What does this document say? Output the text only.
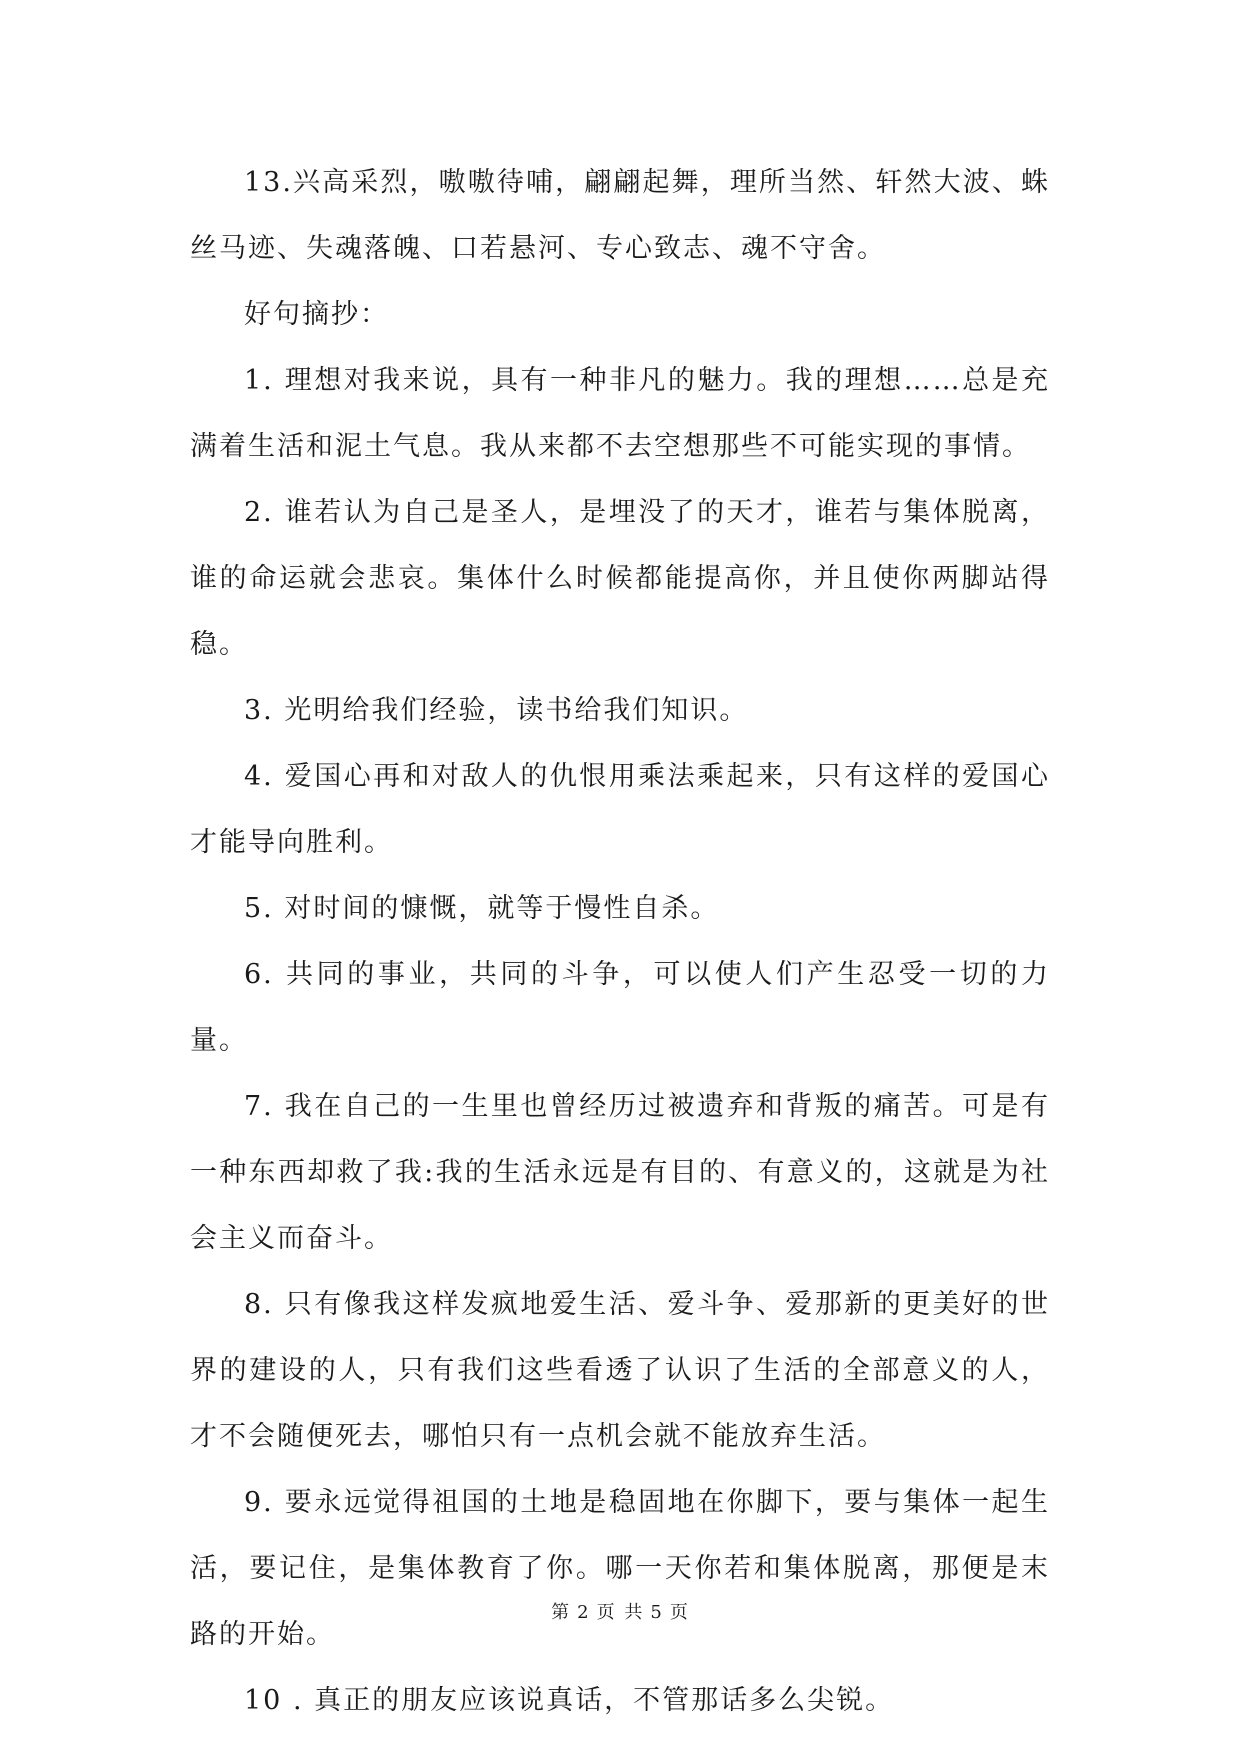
13.兴高采烈，嗷嗷待哺，翩翩起舞，理所当然、轩然大波、蛛丝马迹、失魂落魄、口若悬河、专心致志、魂不守舍。

好句摘抄：

1. 理想对我来说，具有一种非凡的魅力。我的理想……总是充满着生活和泥土气息。我从来都不去空想那些不可能实现的事情。

2. 谁若认为自己是圣人，是埋没了的天才，谁若与集体脱离，谁的命运就会悲哀。集体什么时候都能提高你，并且使你两脚站得稳。

3. 光明给我们经验，读书给我们知识。

4. 爱国心再和对敌人的仇恨用乘法乘起来，只有这样的爱国心才能导向胜利。

5. 对时间的慷慨，就等于慢性自杀。

6. 共同的事业，共同的斗争，可以使人们产生忍受一切的力量。

7. 我在自己的一生里也曾经历过被遗弃和背叛的痛苦。可是有一种东西却救了我:我的生活永远是有目的、有意义的，这就是为社会主义而奋斗。

8. 只有像我这样发疯地爱生活、爱斗争、爱那新的更美好的世界的建设的人，只有我们这些看透了认识了生活的全部意义的人，才不会随便死去，哪怕只有一点机会就不能放弃生活。

9. 要永远觉得祖国的土地是稳固地在你脚下，要与集体一起生活，要记住，是集体教育了你。哪一天你若和集体脱离，那便是末路的开始。

10 . 真正的朋友应该说真话，不管那话多么尖锐。

第 2 页 共 5 页
